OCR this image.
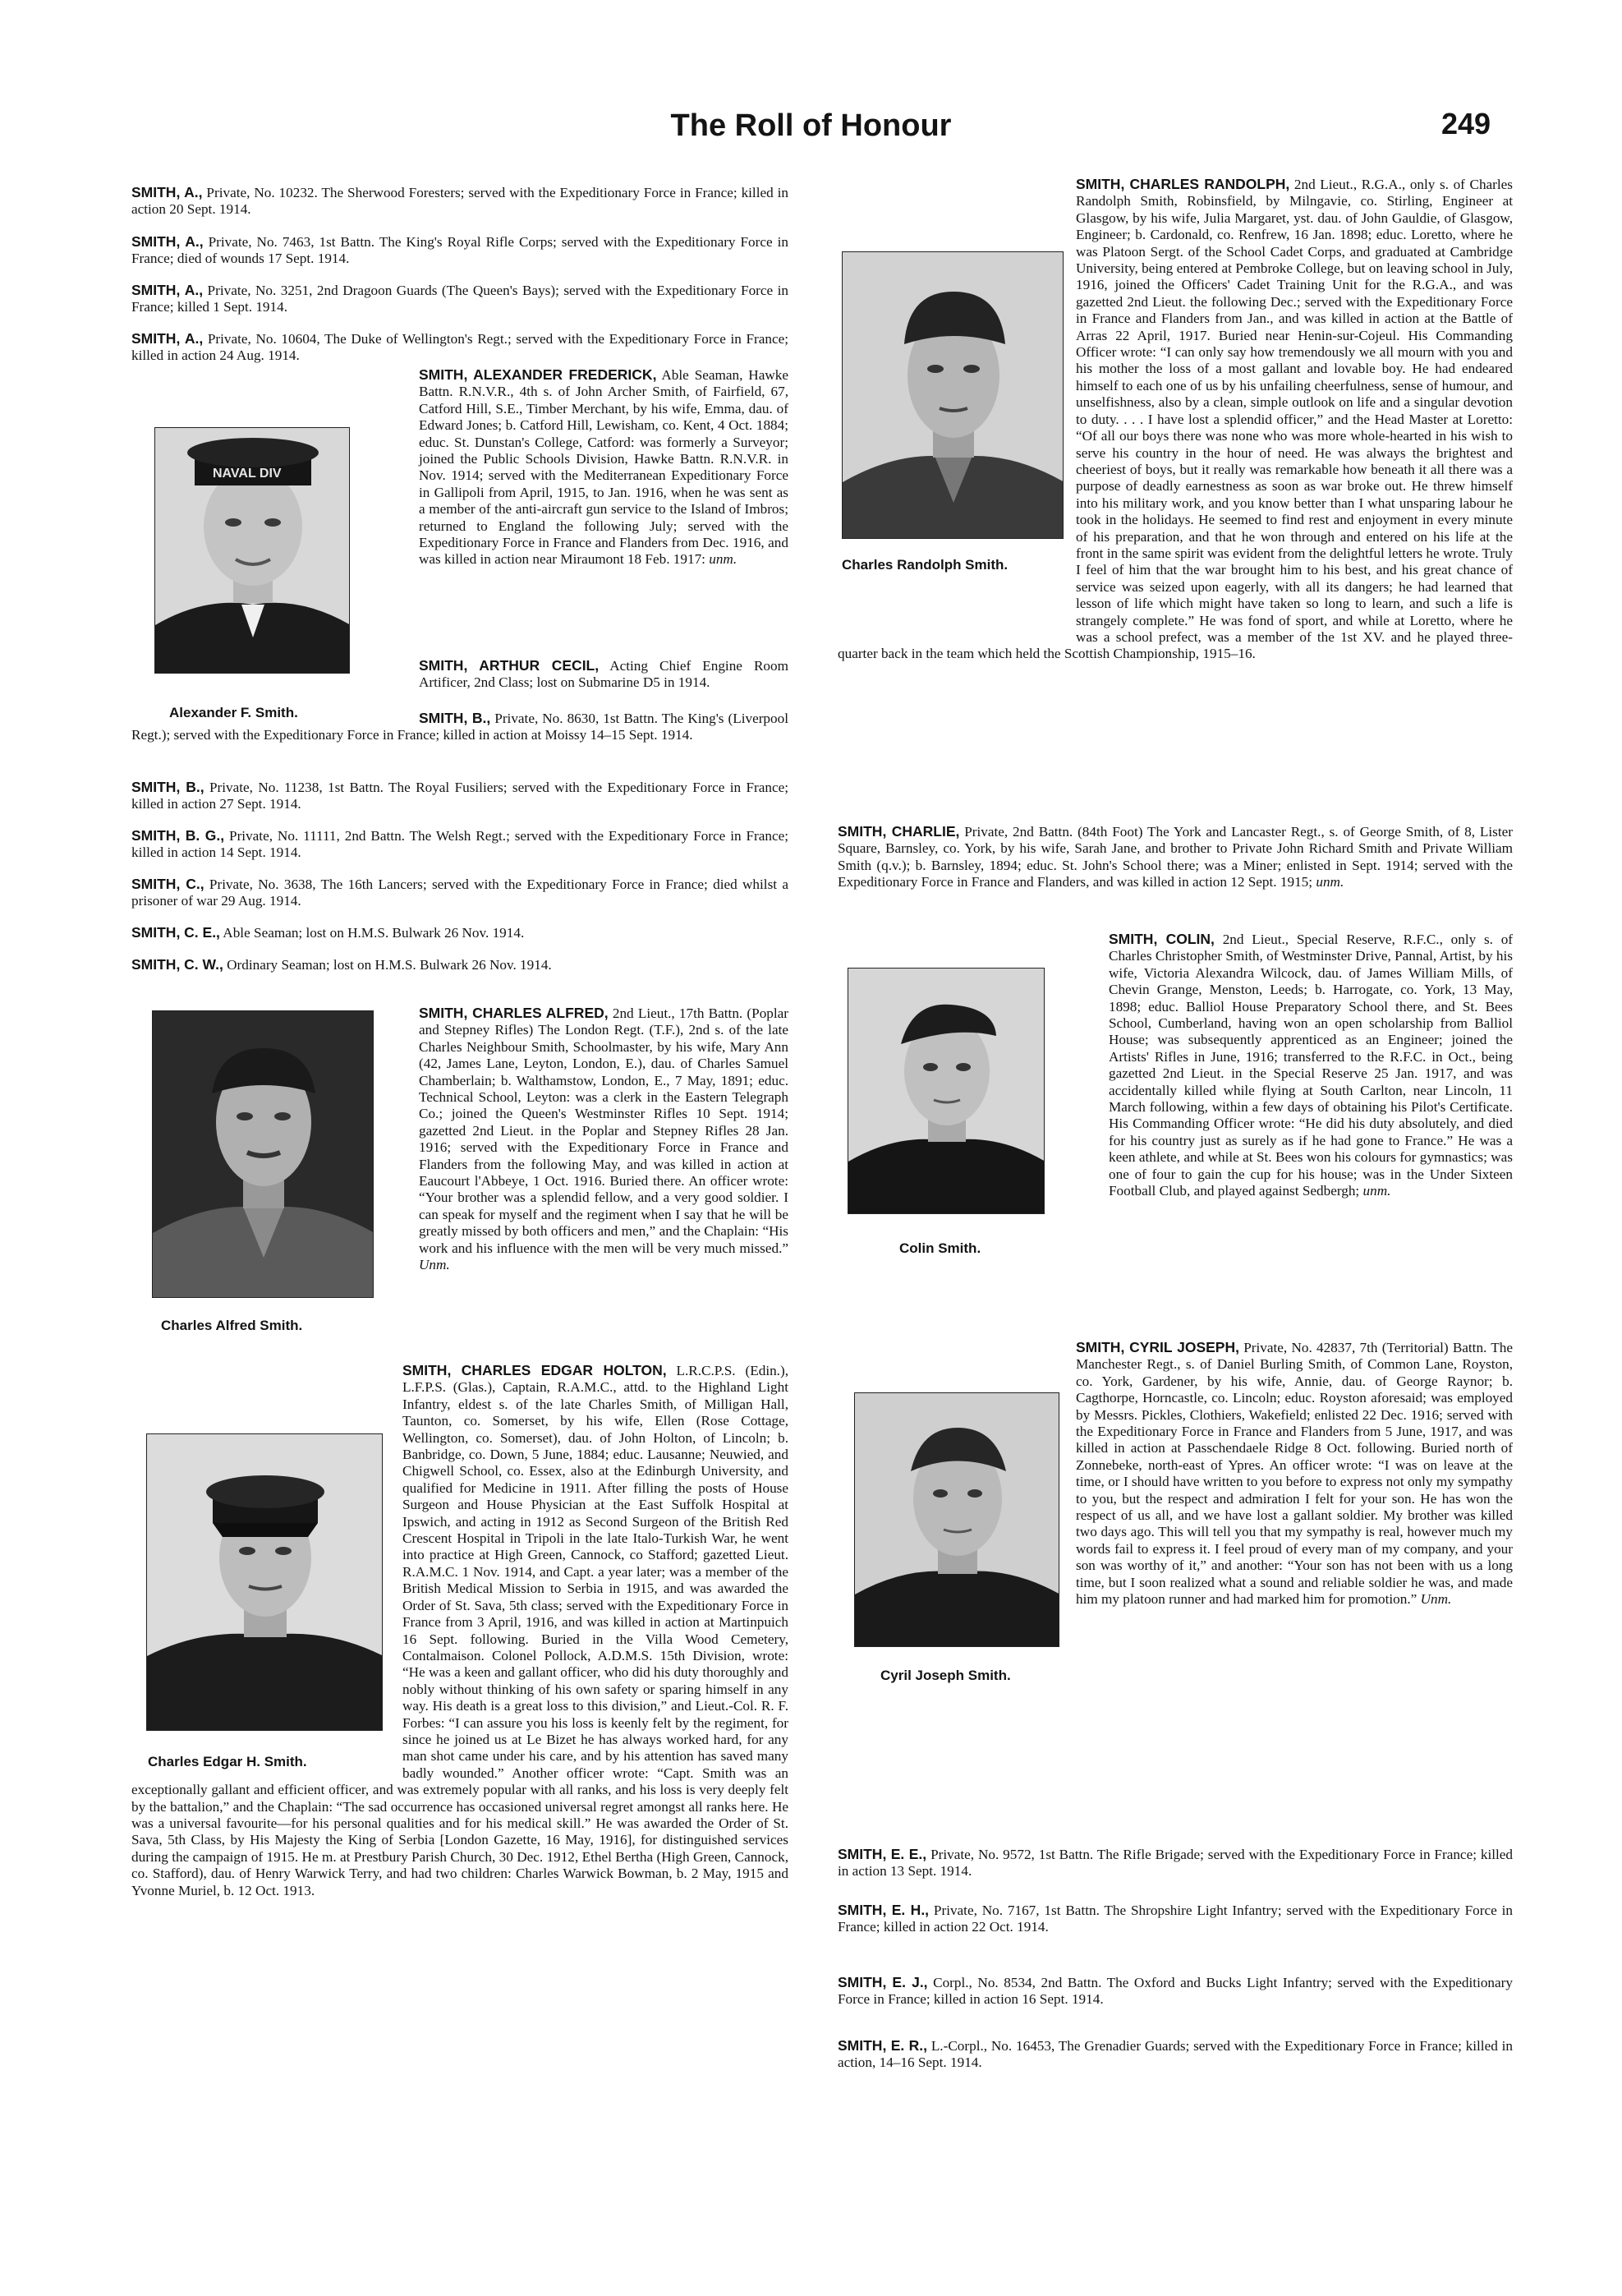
The Roll of Honour	249

SMITH, A., Private, No. 10232. The Sherwood Foresters; served with the Expeditionary Force in France; killed in action 20 Sept. 1914.

SMITH, A., Private, No. 7463, 1st Battn. The King's Royal Rifle Corps; served with the Expeditionary Force in France; died of wounds 17 Sept. 1914.

SMITH, A., Private, No. 3251, 2nd Dragoon Guards (The Queen's Bays); served with the Expeditionary Force in France; killed 1 Sept. 1914.

SMITH, A., Private, No. 10604, The Duke of Wellington's Regt.; served with the Expeditionary Force in France; killed in action 24 Aug. 1914.

NAVAL DIV
Alexander F. Smith.

SMITH, ALEXANDER FREDERICK, Able Seaman, Hawke Battn. R.N.V.R., 4th s. of John Archer Smith, of Fairfield, 67, Catford Hill, S.E., Timber Merchant, by his wife, Emma, dau. of Edward Jones; b. Catford Hill, Lewisham, co. Kent, 4 Oct. 1884; educ. St. Dunstan's College, Catford: was formerly a Surveyor; joined the Public Schools Division, Hawke Battn. R.N.V.R. in Nov. 1914; served with the Mediterranean Expeditionary Force in Gallipoli from April, 1915, to Jan. 1916, when he was sent as a member of the anti-aircraft gun service to the Island of Imbros; returned to England the following July; served with the Expeditionary Force in France and Flanders from Dec. 1916, and was killed in action near Miraumont 18 Feb. 1917: unm.

SMITH, ARTHUR CECIL, Acting Chief Engine Room Artificer, 2nd Class; lost on Submarine D5 in 1914.

SMITH, B., Private, No. 8630, 1st Battn. The King's (Liverpool Regt.); served with the Expeditionary Force in France; killed in action at Moissy 14–15 Sept. 1914.

SMITH, B., Private, No. 11238, 1st Battn. The Royal Fusiliers; served with the Expeditionary Force in France; killed in action 27 Sept. 1914.

SMITH, B. G., Private, No. 11111, 2nd Battn. The Welsh Regt.; served with the Expeditionary Force in France; killed in action 14 Sept. 1914.

SMITH, C., Private, No. 3638, The 16th Lancers; served with the Expeditionary Force in France; died whilst a prisoner of war 29 Aug. 1914.

SMITH, C. E., Able Seaman; lost on H.M.S. Bulwark 26 Nov. 1914.

SMITH, C. W., Ordinary Seaman; lost on H.M.S. Bulwark 26 Nov. 1914.

Charles Alfred Smith.

SMITH, CHARLES ALFRED, 2nd Lieut., 17th Battn. (Poplar and Stepney Rifles) The London Regt. (T.F.), 2nd s. of the late Charles Neighbour Smith, Schoolmaster, by his wife, Mary Ann (42, James Lane, Leyton, London, E.), dau. of Charles Samuel Chamberlain; b. Walthamstow, London, E., 7 May, 1891; educ. Technical School, Leyton: was a clerk in the Eastern Telegraph Co.; joined the Queen's Westminster Rifles 10 Sept. 1914; gazetted 2nd Lieut. in the Poplar and Stepney Rifles 28 Jan. 1916; served with the Expeditionary Force in France and Flanders from the following May, and was killed in action at Eaucourt l'Abbeye, 1 Oct. 1916. Buried there. An officer wrote: “Your brother was a splendid fellow, and a very good soldier. I can speak for myself and the regiment when I say that he will be greatly missed by both officers and men,” and the Chaplain: “His work and his influence with the men will be very much missed.” Unm.

Charles Edgar H. Smith.

SMITH, CHARLES EDGAR HOLTON, L.R.C.P.S. (Edin.), L.F.P.S. (Glas.), Captain, R.A.M.C., attd. to the Highland Light Infantry, eldest s. of the late Charles Smith, of Milligan Hall, Taunton, co. Somerset, by his wife, Ellen (Rose Cottage, Wellington, co. Somerset), dau. of John Holton, of Lincoln; b. Banbridge, co. Down, 5 June, 1884; educ. Lausanne; Neuwied, and Chigwell School, co. Essex, also at the Edinburgh University, and qualified for Medicine in 1911. After filling the posts of House Surgeon and House Physician at the East Suffolk Hospital at Ipswich, and acting in 1912 as Second Surgeon of the British Red Crescent Hospital in Tripoli in the late Italo-Turkish War, he went into practice at High Green, Cannock, co Stafford; gazetted Lieut. R.A.M.C. 1 Nov. 1914, and Capt. a year later; was a member of the British Medical Mission to Serbia in 1915, and was awarded the Order of St. Sava, 5th class; served with the Expeditionary Force in France from 3 April, 1916, and was killed in action at Martinpuich 16 Sept. following. Buried in the Villa Wood Cemetery, Contalmaison. Colonel Pollock, A.D.M.S. 15th Division, wrote: “He was a keen and gallant officer, who did his duty thoroughly and nobly without thinking of his own safety or sparing himself in any way. His death is a great loss to this division,” and Lieut.-Col. R. F. Forbes: “I can assure you his loss is keenly felt by the regiment, for since he joined us at Le Bizet he has always worked hard, for any man shot came under his care, and by his attention has saved many badly wounded.” Another officer wrote: “Capt. Smith was an exceptionally gallant and efficient officer, and was extremely popular with all ranks, and his loss is very deeply felt by the battalion,” and the Chaplain: “The sad occurrence has occasioned universal regret amongst all ranks here. He was a universal favourite—for his personal qualities and for his medical skill.” He was awarded the Order of St. Sava, 5th Class, by His Majesty the King of Serbia [London Gazette, 16 May, 1916], for distinguished services during the campaign of 1915. He m. at Prestbury Parish Church, 30 Dec. 1912, Ethel Bertha (High Green, Cannock, co. Stafford), dau. of Henry Warwick Terry, and had two children: Charles Warwick Bowman, b. 2 May, 1915 and Yvonne Muriel, b. 12 Oct. 1913.

Charles Randolph Smith.

SMITH, CHARLES RANDOLPH, 2nd Lieut., R.G.A., only s. of Charles Randolph Smith, Robinsfield, by Milngavie, co. Stirling, Engineer at Glasgow, by his wife, Julia Margaret, yst. dau. of John Gauldie, of Glasgow, Engineer; b. Cardonald, co. Renfrew, 16 Jan. 1898; educ. Loretto, where he was Platoon Sergt. of the School Cadet Corps, and graduated at Cambridge University, being entered at Pembroke College, but on leaving school in July, 1916, joined the Officers' Cadet Training Unit for the R.G.A., and was gazetted 2nd Lieut. the following Dec.; served with the Expeditionary Force in France and Flanders from Jan., and was killed in action at the Battle of Arras 22 April, 1917. Buried near Henin-sur-Cojeul. His Commanding Officer wrote: “I can only say how tremendously we all mourn with you and his mother the loss of a most gallant and lovable boy. He had endeared himself to each one of us by his unfailing cheerfulness, sense of humour, and unselfishness, also by a clean, simple outlook on life and a singular devotion to duty. . . . I have lost a splendid officer,” and the Head Master at Loretto: “Of all our boys there was none who was more whole-hearted in his wish to serve his country in the hour of need. He was always the brightest and cheeriest of boys, but it really was remarkable how beneath it all there was a purpose of deadly earnestness as soon as war broke out. He threw himself into his military work, and you know better than I what unsparing labour he took in the holidays. He seemed to find rest and enjoyment in every minute of his preparation, and that he won through and entered on his life at the front in the same spirit was evident from the delightful letters he wrote. Truly I feel of him that the war brought him to his best, and his great chance of service was seized upon eagerly, with all its dangers; he had learned that lesson of life which might have taken so long to learn, and such a life is strangely complete.” He was fond of sport, and while at Loretto, where he was a school prefect, was a member of the 1st XV. and he played three-quarter back in the team which held the Scottish Championship, 1915–16.

SMITH, CHARLIE, Private, 2nd Battn. (84th Foot) The York and Lancaster Regt., s. of George Smith, of 8, Lister Square, Barnsley, co. York, by his wife, Sarah Jane, and brother to Private John Richard Smith and Private William Smith (q.v.); b. Barnsley, 1894; educ. St. John's School there; was a Miner; enlisted in Sept. 1914; served with the Expeditionary Force in France and Flanders, and was killed in action 12 Sept. 1915; unm.

Colin Smith.

SMITH, COLIN, 2nd Lieut., Special Reserve, R.F.C., only s. of Charles Christopher Smith, of Westminster Drive, Pannal, Artist, by his wife, Victoria Alexandra Wilcock, dau. of James William Mills, of Chevin Grange, Menston, Leeds; b. Harrogate, co. York, 13 May, 1898; educ. Balliol House Preparatory School there, and St. Bees School, Cumberland, having won an open scholarship from Balliol House; was subsequently apprenticed as an Engineer; joined the Artists' Rifles in June, 1916; transferred to the R.F.C. in Oct., being gazetted 2nd Lieut. in the Special Reserve 25 Jan. 1917, and was accidentally killed while flying at South Carlton, near Lincoln, 11 March following, within a few days of obtaining his Pilot's Certificate. His Commanding Officer wrote: “He did his duty absolutely, and died for his country just as surely as if he had gone to France.” He was a keen athlete, and while at St. Bees won his colours for gymnastics; was one of four to gain the cup for his house; was in the Under Sixteen Football Club, and played against Sedbergh; unm.

Cyril Joseph Smith.

SMITH, CYRIL JOSEPH, Private, No. 42837, 7th (Territorial) Battn. The Manchester Regt., s. of Daniel Burling Smith, of Common Lane, Royston, co. York, Gardener, by his wife, Annie, dau. of George Raynor; b. Cagthorpe, Horncastle, co. Lincoln; educ. Royston aforesaid; was employed by Messrs. Pickles, Clothiers, Wakefield; enlisted 22 Dec. 1916; served with the Expeditionary Force in France and Flanders from 5 June, 1917, and was killed in action at Passchendaele Ridge 8 Oct. following. Buried north of Zonnebeke, north-east of Ypres. An officer wrote: “I was on leave at the time, or I should have written to you before to express not only my sympathy to you, but the respect and admiration I felt for your son. He has won the respect of us all, and we have lost a gallant soldier. My brother was killed two days ago. This will tell you that my sympathy is real, however much my words fail to express it. I feel proud of every man of my company, and your son was worthy of it,” and another: “Your son has not been with us a long time, but I soon realized what a sound and reliable soldier he was, and made him my platoon runner and had marked him for promotion.” Unm.

SMITH, E. E., Private, No. 9572, 1st Battn. The Rifle Brigade; served with the Expeditionary Force in France; killed in action 13 Sept. 1914.

SMITH, E. H., Private, No. 7167, 1st Battn. The Shropshire Light Infantry; served with the Expeditionary Force in France; killed in action 22 Oct. 1914.

SMITH, E. J., Corpl., No. 8534, 2nd Battn. The Oxford and Bucks Light Infantry; served with the Expeditionary Force in France; killed in action 16 Sept. 1914.

SMITH, E. R., L.-Corpl., No. 16453, The Grenadier Guards; served with the Expeditionary Force in France; killed in action, 14–16 Sept. 1914.
